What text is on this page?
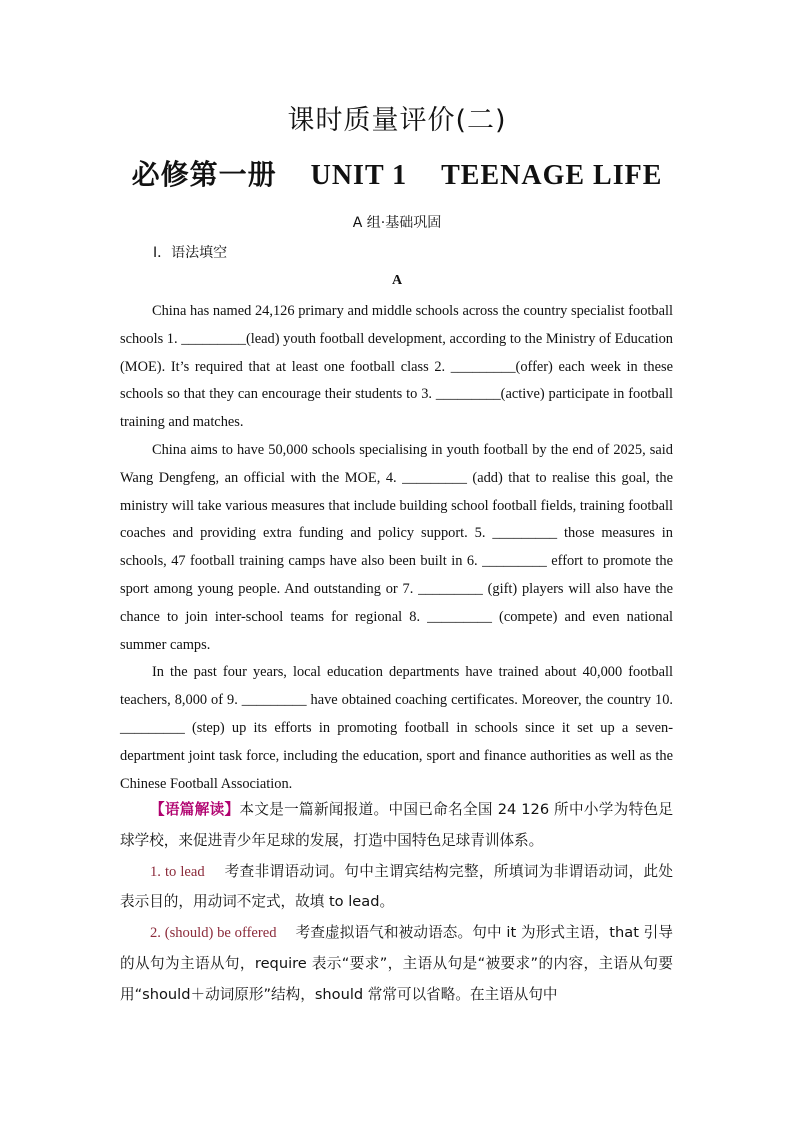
课时质量评价(二)
必修第一册 UNIT 1 TEENAGE LIFE
A 组·基础巩固
Ⅰ．语法填空
A

China has named 24,126 primary and middle schools across the country specialist football schools 1. _________(lead) youth football development, according to the Ministry of Education (MOE). It’s required that at least one football class 2. _________(offer) each week in these schools so that they can encourage their students to 3. _________(active) participate in football training and matches.

China aims to have 50,000 schools specialising in youth football by the end of 2025, said Wang Dengfeng, an official with the MOE, 4. _________ (add) that to realise this goal, the ministry will take various measures that include building school football fields, training football coaches and providing extra funding and policy support. 5. _________ those measures in schools, 47 football training camps have also been built in 6. _________ effort to promote the sport among young people. And outstanding or 7. _________ (gift) players will also have the chance to join inter-school teams for regional 8. _________ (compete) and even national summer camps.

In the past four years, local education departments have trained about 40,000 football teachers, 8,000 of 9. _________ have obtained coaching certificates. Moreover, the country 10. _________ (step) up its efforts in promoting football in schools since it set up a seven-department joint task force, including the education, sport and finance authorities as well as the Chinese Football Association.

【语篇解读】本文是一篇新闻报道。中国已命名全国 24 126 所中小学为特色足球学校，来促进青少年足球的发展，打造中国特色足球青训体系。

1. to lead 考查非谓语动词。句中主谓宾结构完整，所填词为非谓语动词，此处表示目的，用动词不定式，故填 to lead。

2. (should) be offered 考查虚拟语气和被动语态。句中 it 为形式主语，that 引导的从句为主语从句，require 表示“要求”，主语从句是“被要求”的内容，主语从句要用“should＋动词原形”结构，should 常常可以省略。在主语从句中
